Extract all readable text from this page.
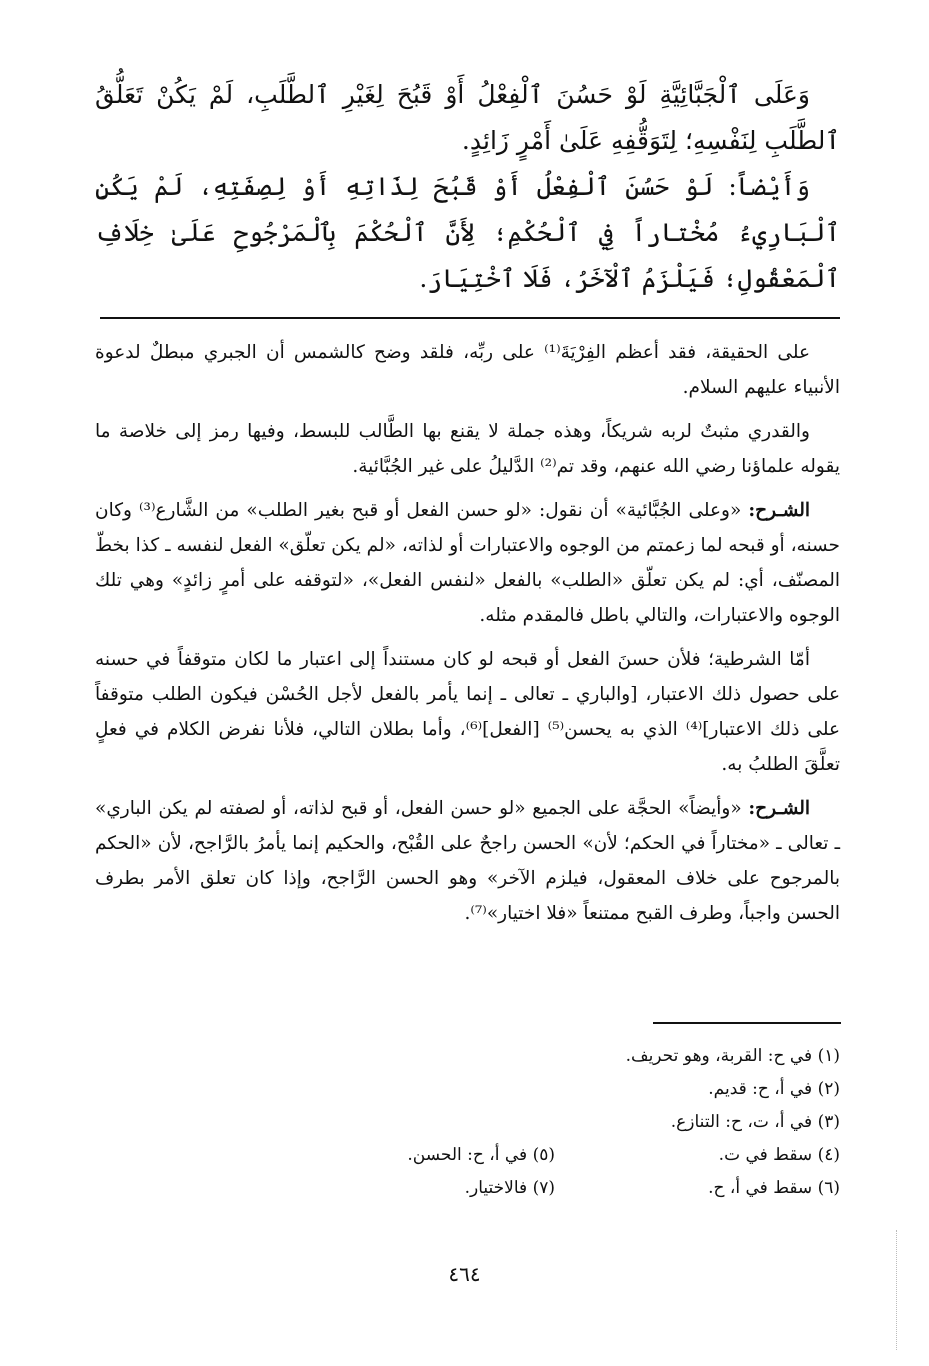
وَعَلَى ٱلْجَبَّائِيَّةِ لَوْ حَسُنَ ٱلْفِعْلُ أَوْ قَبُحَ لِغَيْرِ ٱلطَّلَبِ، لَمْ يَكُنْ تَعَلُّقُ ٱلطَّلَبِ لِنَفْسِهِ؛ لِتَوَقُّفِهِ عَلَىٰ أَمْرٍ زَائِدٍ.

وَأَيْضاً: لَوْ حَسُنَ ٱلْفِعْلُ أَوْ قَبُحَ لِذَاتِهِ أَوْ لِصِفَتِهِ، لَمْ يَكُنِ ٱلْبَارِيءُ مُخْتاراً فِي ٱلْحُكْمِ؛ لِأَنَّ ٱلْحُكْمَ بِٱلْمَرْجُوحِ عَلَىٰ خِلَافِ ٱلْمَعْقُولِ؛ فَيَلْزَمُ ٱلْآخَرُ، فَلَا ٱخْتِيَارَ.

على الحقيقة، فقد أعظم الفِرْيَةَ⁽¹⁾ على ربِّه، فلقد وضح كالشمس أن الجبري مبطلٌ لدعوة الأنبياء عليهم السلام.

والقدري مثبتٌ لربه شريكاً، وهذه جملة لا يقنع بها الطَّالب للبسط، وفيها رمز إلى خلاصة ما يقوله علماؤنا رضي الله عنهم، وقد تم⁽²⁾ الدَّليلُ على غير الجُبَّائية.

الشـرح: «وعلى الجُبَّائية» أن نقول: «لو حسن الفعل أو قبح بغير الطلب» من الشَّارع⁽³⁾ وكان حسنه، أو قبحه لما زعمتم من الوجوه والاعتبارات أو لذاته، «لم يكن تعلّق» الفعل لنفسه ـ كذا بخطّ المصنّف، أي: لم يكن تعلّق «الطلب» بالفعل «لنفس الفعل»، «لتوقفه على أمرٍ زائدٍ» وهي تلك الوجوه والاعتبارات، والتالي باطل فالمقدم مثله.

أمّا الشرطية؛ فلأن حسنَ الفعل أو قبحه لو كان مستنداً إلى اعتبار ما لكان متوقفاً في حسنه على حصول ذلك الاعتبار، [والباري ـ تعالى ـ إنما يأمر بالفعل لأجل الحُسْن فيكون الطلب متوقفاً على ذلك الاعتبار]⁽⁴⁾ الذي به يحسن⁽⁵⁾ [الفعل]⁽⁶⁾، وأما بطلان التالي، فلأنا نفرض الكلام في فعلٍ تعلَّقَ الطلبُ به.

الشـرح: «وأيضاً» الحجَّة على الجميع «لو حسن الفعل، أو قبح لذاته، أو لصفته لم يكن الباري» ـ تعالى ـ «مختاراً في الحكم؛ لأن» الحسن راجحٌ على القُبْح، والحكيم إنما يأمرُ بالرَّاجح، لأن «الحكم بالمرجوح على خلاف المعقول، فيلزم الآخر» وهو الحسن الرَّاجح، وإذا كان تعلق الأمر بطرف الحسن واجباً، وطرف القبح ممتنعاً «فلا اختيار»⁽⁷⁾.

(١) في ح: القربة، وهو تحريف.
(٢) في أ، ح: قديم.
(٣) في أ، ت، ح: التنازع.
(٤) سقط في ت.
(٥) في أ، ح: الحسن.
(٦) سقط في أ، ح.
(٧) فالاختيار.
٤٦٤
